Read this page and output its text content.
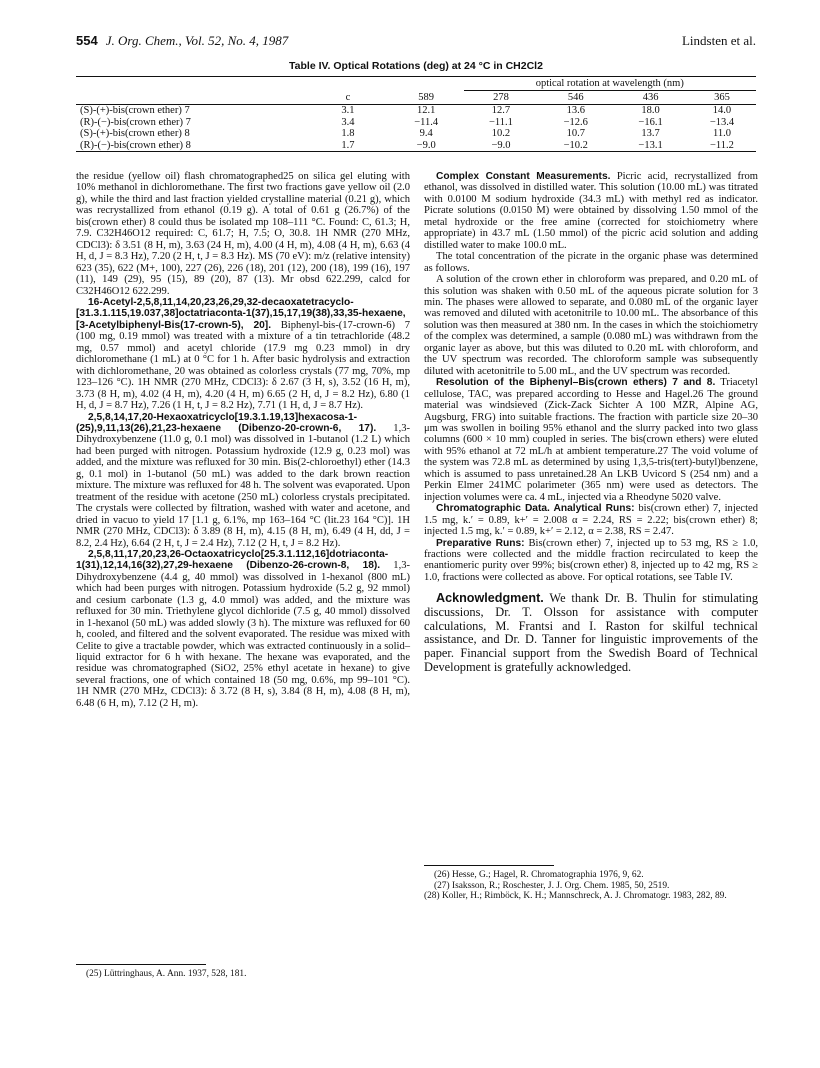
554 J. Org. Chem., Vol. 52, No. 4, 1987	Lindsten et al.
Table IV. Optical Rotations (deg) at 24 °C in CH2Cl2
			optical rotation at wavelength (nm)			
	c	589	278	546	436	365
(S)-(+)-bis(crown ether) 7	3.1	12.1	12.7	13.6	18.0	14.0
(R)-(−)-bis(crown ether) 7	3.4	−11.4	−11.1	−12.6	−16.1	−13.4
(S)-(+)-bis(crown ether) 8	1.8	9.4	10.2	10.7	13.7	11.0
(R)-(−)-bis(crown ether) 8	1.7	−9.0	−9.0	−10.2	−13.1	−11.2

the residue (yellow oil) flash chromatographed25 on silica gel eluting with 10% methanol in dichloromethane. The first two fractions gave yellow oil (2.0 g), while the third and last fraction yielded crystalline material (0.21 g), which was recrystallized from ethanol (0.19 g). A total of 0.61 g (26.7%) of the bis(crown ether) 8 could thus be isolated mp 108–111 °C. Found: C, 61.3; H, 7.9. C32H46O12 required: C, 61.7; H, 7.5; O, 30.8. 1H NMR (270 MHz, CDCl3): δ 3.51 (8 H, m), 3.63 (24 H, m), 4.00 (4 H, m), 4.08 (4 H, m), 6.63 (4 H, d, J = 8.3 Hz), 7.20 (2 H, t, J = 8.3 Hz). MS (70 eV): m/z (relative intensity) 623 (35), 622 (M+, 100), 227 (26), 226 (18), 201 (12), 200 (18), 199 (16), 197 (11), 149 (29), 95 (15), 89 (20), 87 (13). Mr obsd 622.299, calcd for C32H46O12 622.299.

16-Acetyl-2,5,8,11,14,20,23,26,29,32-decaoxatetracyclo-[31.3.1.115,19.037,38]octatriaconta-1(37),15,17,19(38),33,35-hexaene, [3-Acetylbiphenyl-Bis(17-crown-5), 20]. Biphenyl-bis-(17-crown-6) 7 (100 mg, 0.19 mmol) was treated with a mixture of a tin tetrachloride (48.2 mg, 0.57 mmol) and acetyl chloride (17.9 mg 0.23 mmol) in dry dichloromethane (1 mL) at 0 °C for 1 h. After basic hydrolysis and extraction with dichloromethane, 20 was obtained as colorless crystals (77 mg, 70%, mp 123–126 °C). 1H NMR (270 MHz, CDCl3): δ 2.67 (3 H, s), 3.52 (16 H, m), 3.73 (8 H, m), 4.02 (4 H, m), 4.20 (4 H, m) 6.65 (2 H, d, J = 8.2 Hz), 6.80 (1 H, d, J = 8.7 Hz), 7.26 (1 H, t, J = 8.2 Hz), 7.71 (1 H, d, J = 8.7 Hz).

2,5,8,14,17,20-Hexaoxatricyclo[19.3.1.19,13]hexacosa-1-(25),9,11,13(26),21,23-hexaene (Dibenzo-20-crown-6, 17). 1,3-Dihydroxybenzene (11.0 g, 0.1 mol) was dissolved in 1-butanol (1.2 L) which had been purged with nitrogen. Potassium hydroxide (12.9 g, 0.23 mol) was added, and the mixture was refluxed for 30 min. Bis(2-chloroethyl) ether (14.3 g, 0.1 mol) in 1-butanol (50 mL) was added to the dark brown reaction mixture. The mixture was refluxed for 48 h. The solvent was evaporated. Upon treatment of the residue with acetone (250 mL) colorless crystals precipitated. The crystals were collected by filtration, washed with water and acetone, and dried in vacuo to yield 17 [1.1 g, 6.1%, mp 163–164 °C (lit.23 164 °C)]. 1H NMR (270 MHz, CDCl3): δ 3.89 (8 H, m), 4.15 (8 H, m), 6.49 (4 H, dd, J = 8.2, 2.4 Hz), 6.64 (2 H, t, J = 2.4 Hz), 7.12 (2 H, t, J = 8.2 Hz).

2,5,8,11,17,20,23,26-Octaoxatricyclo[25.3.1.112,16]dotriaconta-1(31),12,14,16(32),27,29-hexaene (Dibenzo-26-crown-8, 18). 1,3-Dihydroxybenzene (4.4 g, 40 mmol) was dissolved in 1-hexanol (800 mL) which had been purges with nitrogen. Potassium hydroxide (5.2 g, 92 mmol) and cesium carbonate (1.3 g, 4.0 mmol) was added, and the mixture was refluxed for 30 min. Triethylene glycol dichloride (7.5 g, 40 mmol) dissolved in 1-hexanol (50 mL) was added slowly (3 h). The mixture was refluxed for 60 h, cooled, and filtered and the solvent evaporated. The residue was mixed with Celite to give a tractable powder, which was extracted continuously in a solid–liquid extractor for 6 h with hexane. The hexane was evaporated, and the residue was chromatographed (SiO2, 25% ethyl acetate in hexane) to give several fractions, one of which contained 18 (50 mg, 0.6%, mp 99–101 °C). 1H NMR (270 MHz, CDCl3): δ 3.72 (8 H, s), 3.84 (8 H, m), 4.08 (8 H, m), 6.48 (6 H, m), 7.12 (2 H, m).

Complex Constant Measurements. Picric acid, recrystallized from ethanol, was dissolved in distilled water. This solution (10.00 mL) was titrated with 0.0100 M sodium hydroxide (34.3 mL) with methyl red as indicator. Picrate solutions (0.0150 M) were obtained by dissolving 1.50 mmol of the metal hydroxide or the free amine (corrected for stoichiometry where appropriate) in 43.7 mL (1.50 mmol) of the picric acid solution and adding distilled water to make 100.0 mL.

The total concentration of the picrate in the organic phase was determined as follows.

A solution of the crown ether in chloroform was prepared, and 0.20 mL of this solution was shaken with 0.50 mL of the aqueous picrate solution for 3 min. The phases were allowed to separate, and 0.080 mL of the organic layer was removed and diluted with acetonitrile to 10.00 mL. The absorbance of this solution was then measured at 380 nm. In the cases in which the stoichiometry of the complex was determined, a sample (0.080 mL) was withdrawn from the organic layer as above, but this was diluted to 0.20 mL with chloroform, and the UV spectrum was recorded. The chloroform sample was subsequently diluted with acetonitrile to 5.00 mL, and the UV spectrum was recorded.

Resolution of the Biphenyl–Bis(crown ethers) 7 and 8. Triacetyl cellulose, TAC, was prepared according to Hesse and Hagel.26 The ground material was windsieved (Zick-Zack Sichter A 100 MZR, Alpine AG, Augsburg, FRG) into suitable fractions. The fraction with particle size 20–30 μm was swollen in boiling 95% ethanol and the slurry packed into two glass columns (600 × 10 mm) coupled in series. The bis(crown ethers) were eluted with 95% ethanol at 72 mL/h at ambient temperature.27 The void volume of the system was 72.8 mL as determined by using 1,3,5-tris(tert)-butyl)benzene, which is assumed to pass unretained.28 An LKB Uvicord S (254 nm) and a Perkin Elmer 241MC polarimeter (365 nm) were used as detectors. The injection volumes were ca. 4 mL, injected via a Rheodyne 5020 valve.

Chromatographic Data. Analytical Runs: bis(crown ether) 7, injected 1.5 mg, k.′ = 0.89, k+′ = 2.008 α = 2.24, RS = 2.22; bis(crown ether) 8; injected 1.5 mg, k.′ = 0.89, k+′ = 2.12, α = 2.38, RS = 2.47.

Preparative Runs: Bis(crown ether) 7, injected up to 53 mg, RS ≥ 1.0, fractions were collected and the middle fraction recirculated to keep the enantiomeric purity over 99%; bis(crown ether) 8, injected up to 42 mg, RS ≥ 1.0, fractions were collected as above. For optical rotations, see Table IV.

Acknowledgment. We thank Dr. B. Thulin for stimulating discussions, Dr. T. Olsson for assistance with computer calculations, M. Frantsi and I. Raston for skilful technical assistance, and Dr. D. Tanner for linguistic improvements of the paper. Financial support from the Swedish Board of Technical Development is gratefully acknowledged.

(25) Lüttringhaus, A. Ann. 1937, 528, 181.

(26) Hesse, G.; Hagel, R. Chromatographia 1976, 9, 62.

(27) Isaksson, R.; Roschester, J. J. Org. Chem. 1985, 50, 2519.

(28) Koller, H.; Rimböck, K. H.; Mannschreck, A. J. Chromatogr. 1983, 282, 89.
